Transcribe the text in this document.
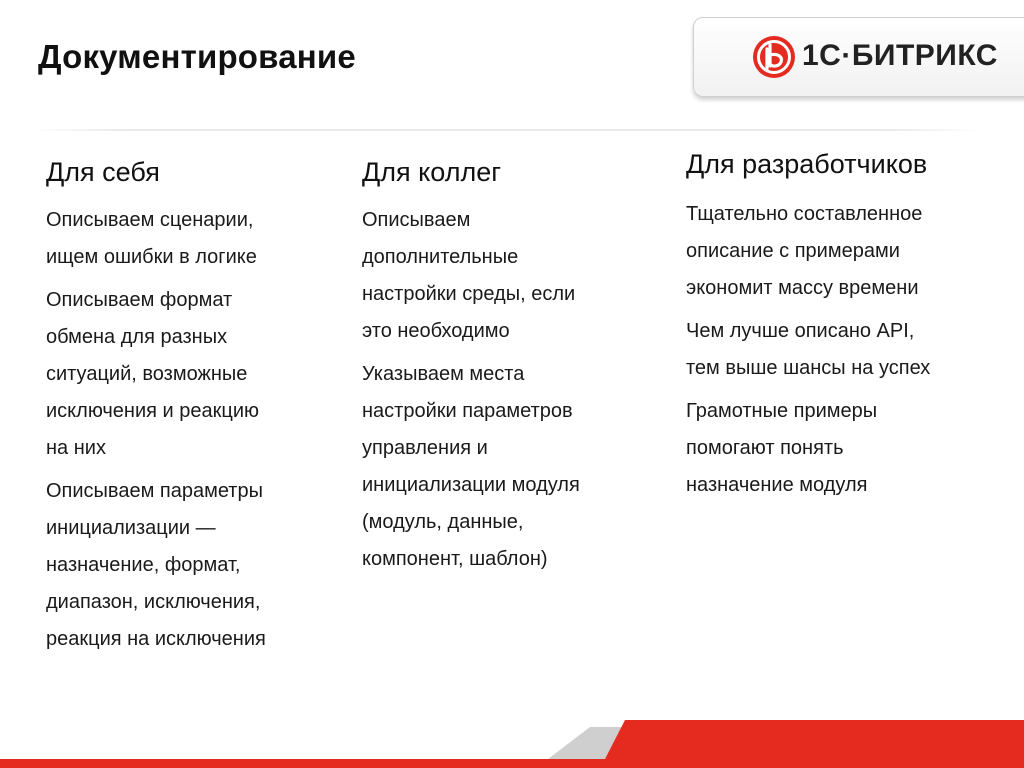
Документирование	1С·БИТРИКС
Для себя
Описываем сценарии,
ищем ошибки в логике
Описываем формат
обмена для разных
ситуаций, возможные
исключения и реакцию
на них
Описываем параметры
инициализации —
назначение, формат,
диапазон, исключения,
реакция на исключения
Для коллег
Описываем
дополнительные
настройки среды, если
это необходимо
Указываем места
настройки параметров
управления и
инициализации модуля
(модуль, данные,
компонент, шаблон)
Для разработчиков
Тщательно составленное
описание с примерами
экономит массу времени
Чем лучше описано API,
тем выше шансы на успех
Грамотные примеры
помогают понять
назначение модуля
